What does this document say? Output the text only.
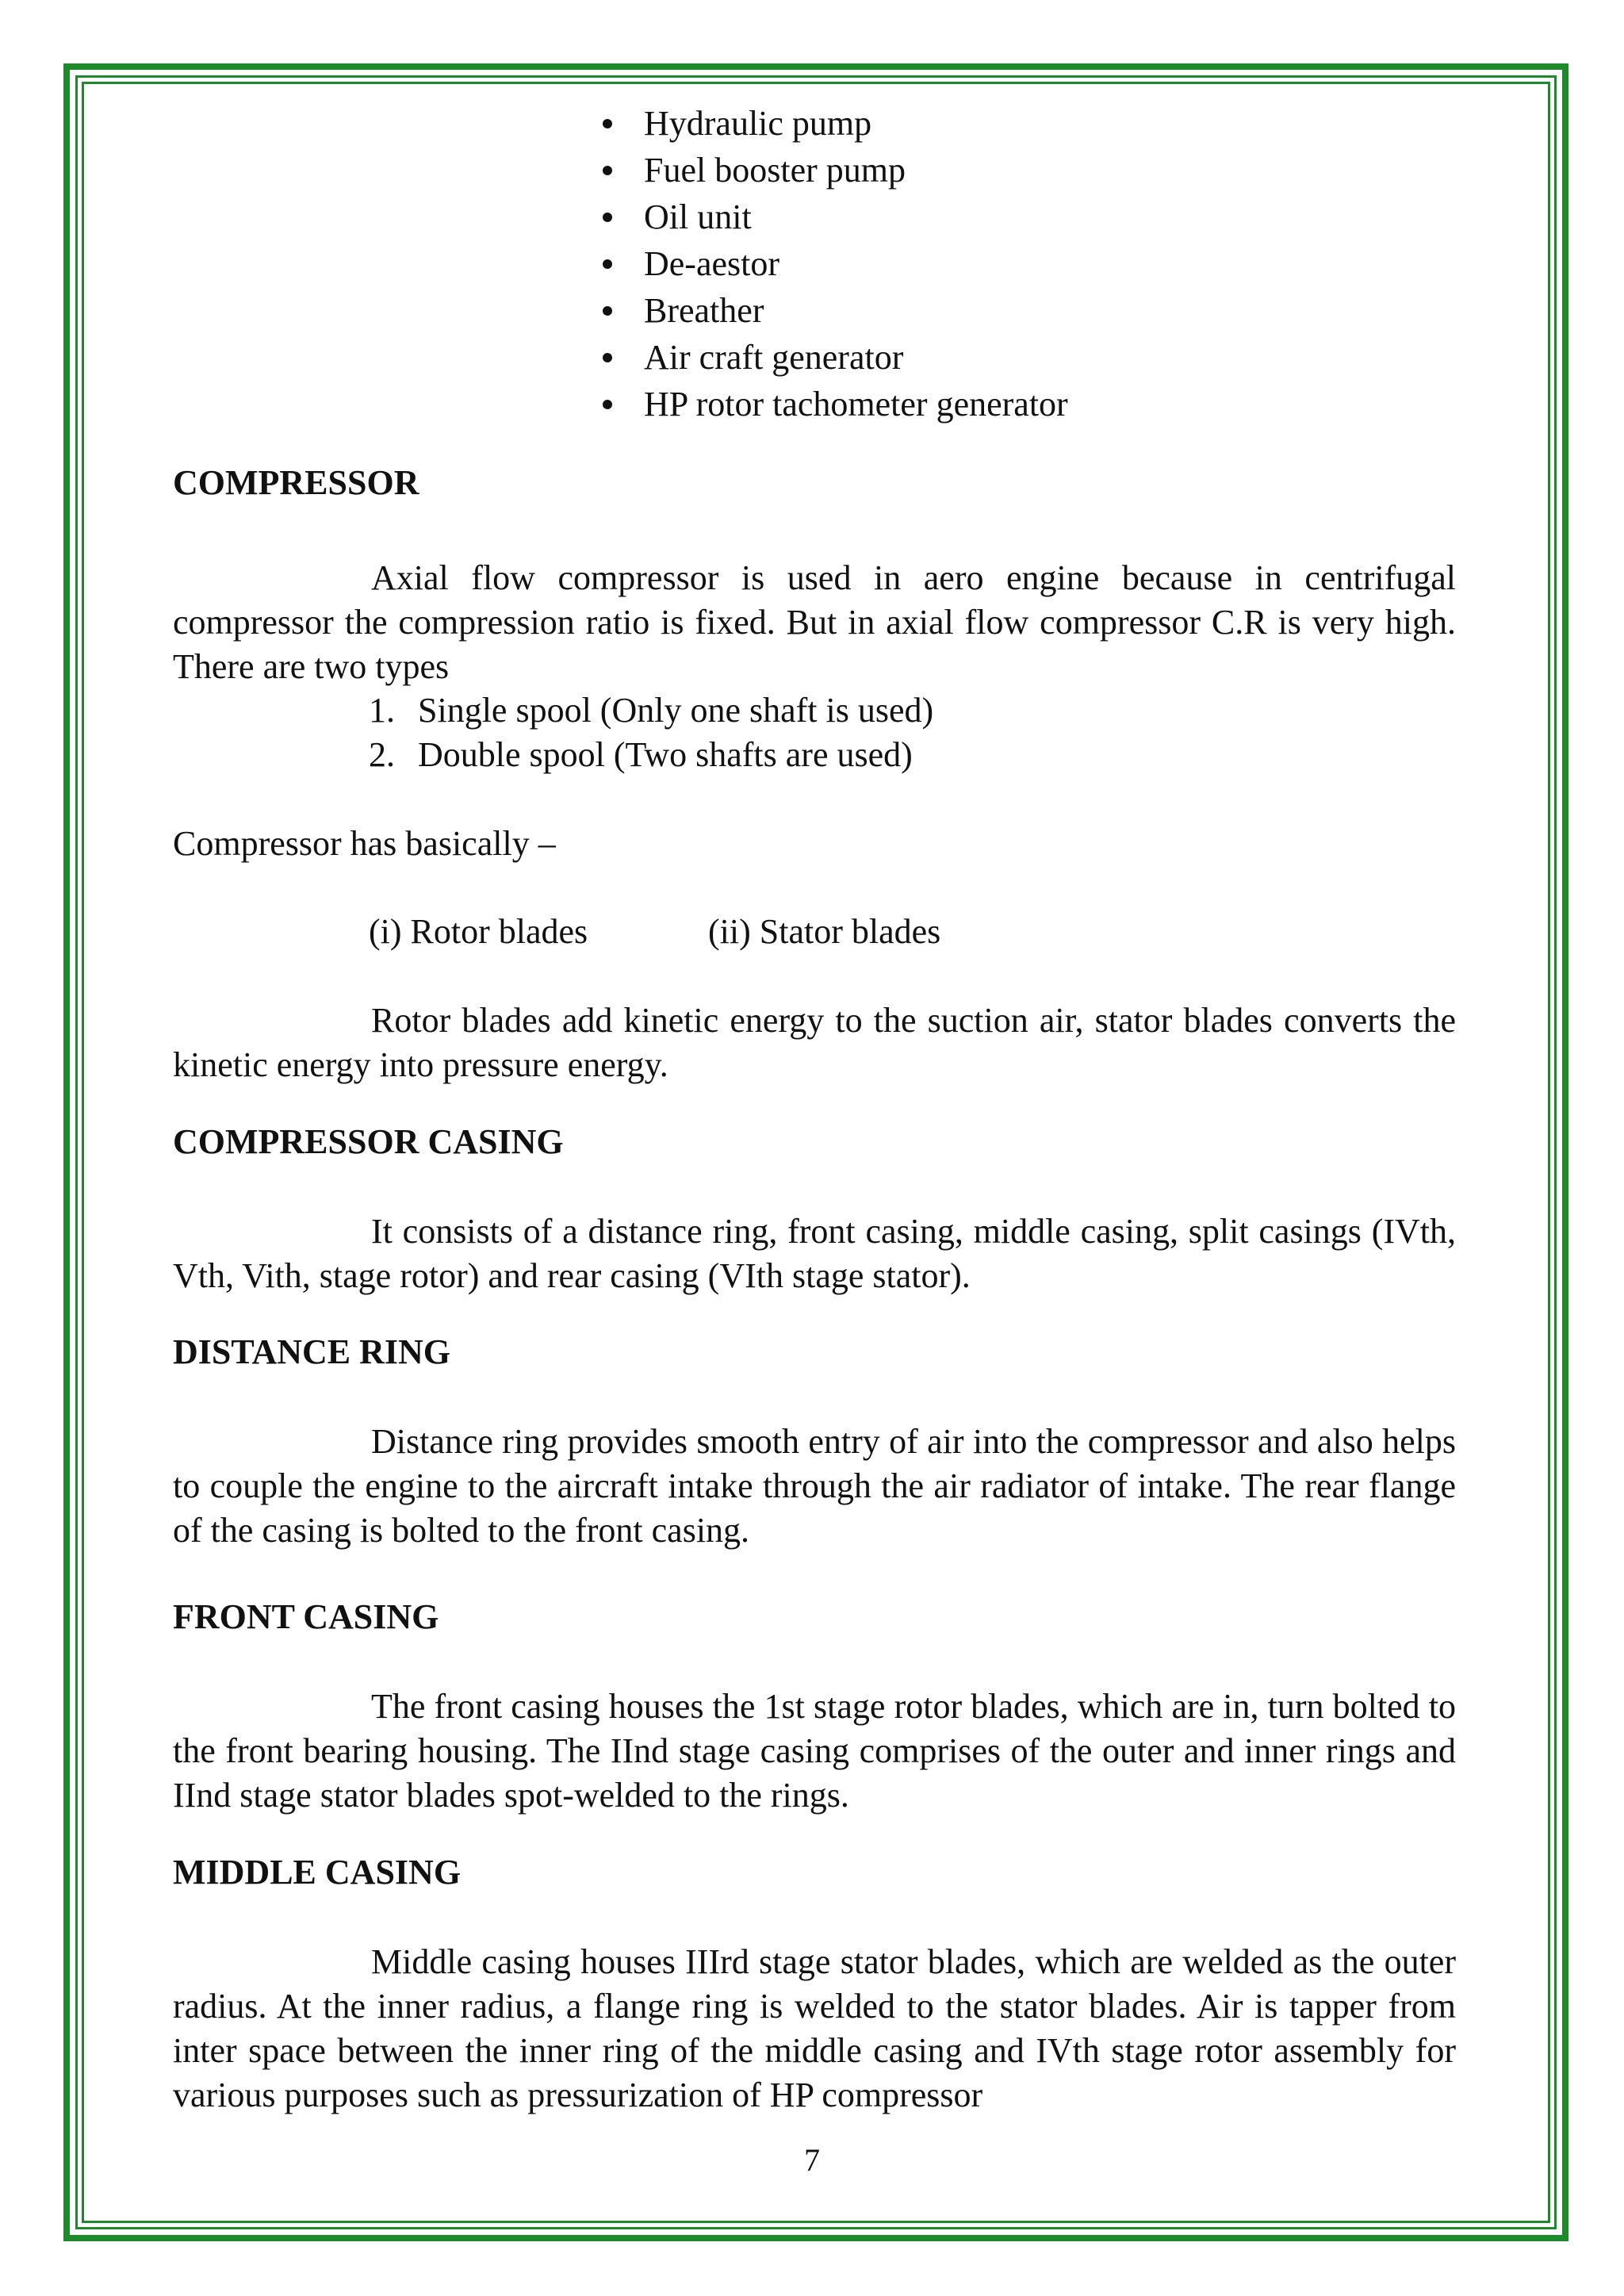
Hydraulic pump
Fuel booster pump
Oil unit
De-aestor
Breather
Air craft generator
HP rotor tachometer generator
COMPRESSOR
Axial flow compressor is used in aero engine because in centrifugal compressor the compression ratio is fixed. But in axial flow compressor C.R is very high. There are two types
1. Single spool (Only one shaft is used)
2. Double spool (Two shafts are used)
Compressor has basically –
(i) Rotor blades	(ii) Stator blades
Rotor blades add kinetic energy to the suction air, stator blades converts the kinetic energy into pressure energy.
COMPRESSOR CASING
It consists of a distance ring, front casing, middle casing, split casings (IVth, Vth, Vith, stage rotor) and rear casing (VIth stage stator).
DISTANCE RING
Distance ring provides smooth entry of air into the compressor and also helps to couple the engine to the aircraft intake through the air radiator of intake. The rear flange of the casing is bolted to the front casing.
FRONT CASING
The front casing houses the 1st stage rotor blades, which are in, turn bolted to the front bearing housing. The IInd stage casing comprises of the outer and inner rings and IInd stage stator blades spot-welded to the rings.
MIDDLE CASING
Middle casing houses IIIrd stage stator blades, which are welded as the outer radius. At the inner radius, a flange ring is welded to the stator blades. Air is tapper from inter space between the inner ring of the middle casing and IVth stage rotor assembly for various purposes such as pressurization of HP compressor
7
